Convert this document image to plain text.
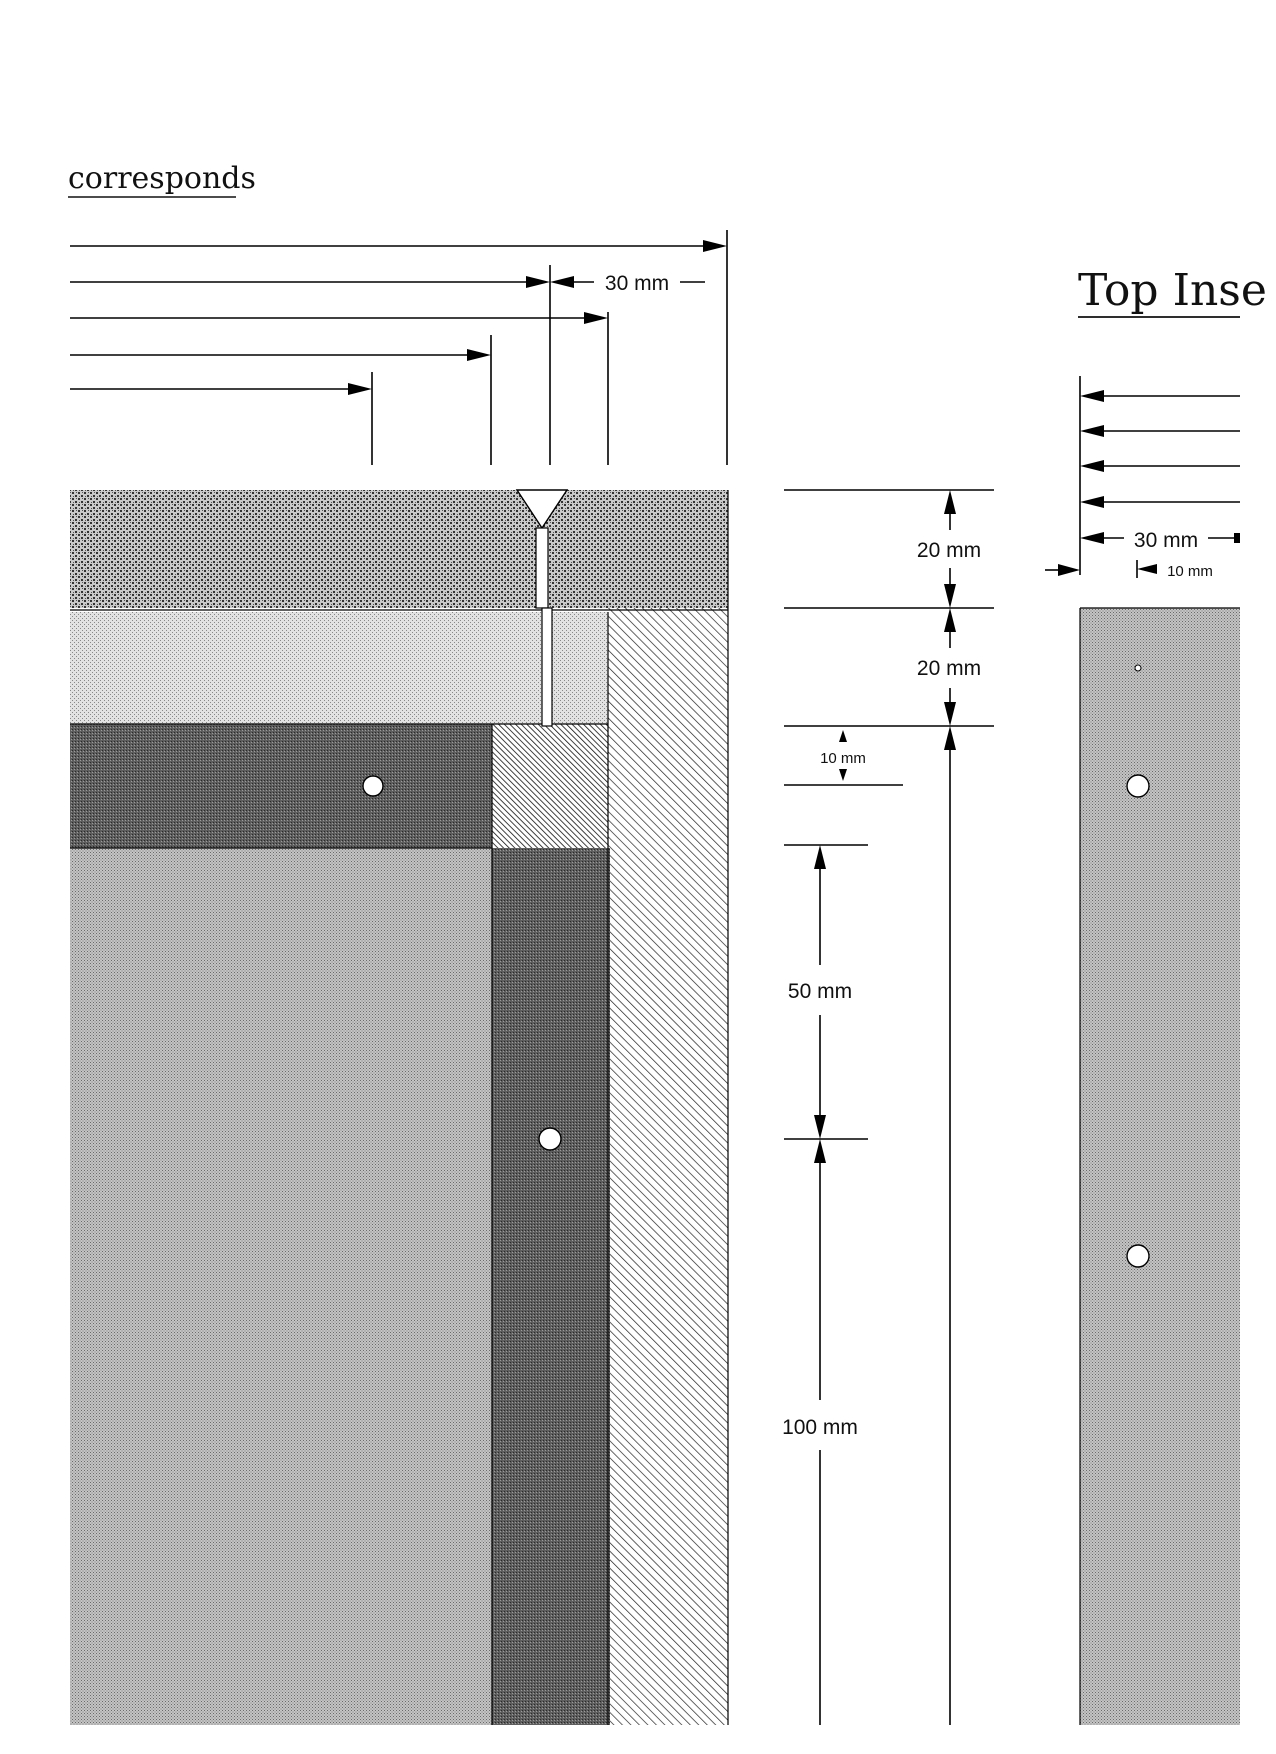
corresponds
Top Inse
30 mm
20 mm
20 mm
10 mm
50 mm
100 mm
30 mm
10 mm
